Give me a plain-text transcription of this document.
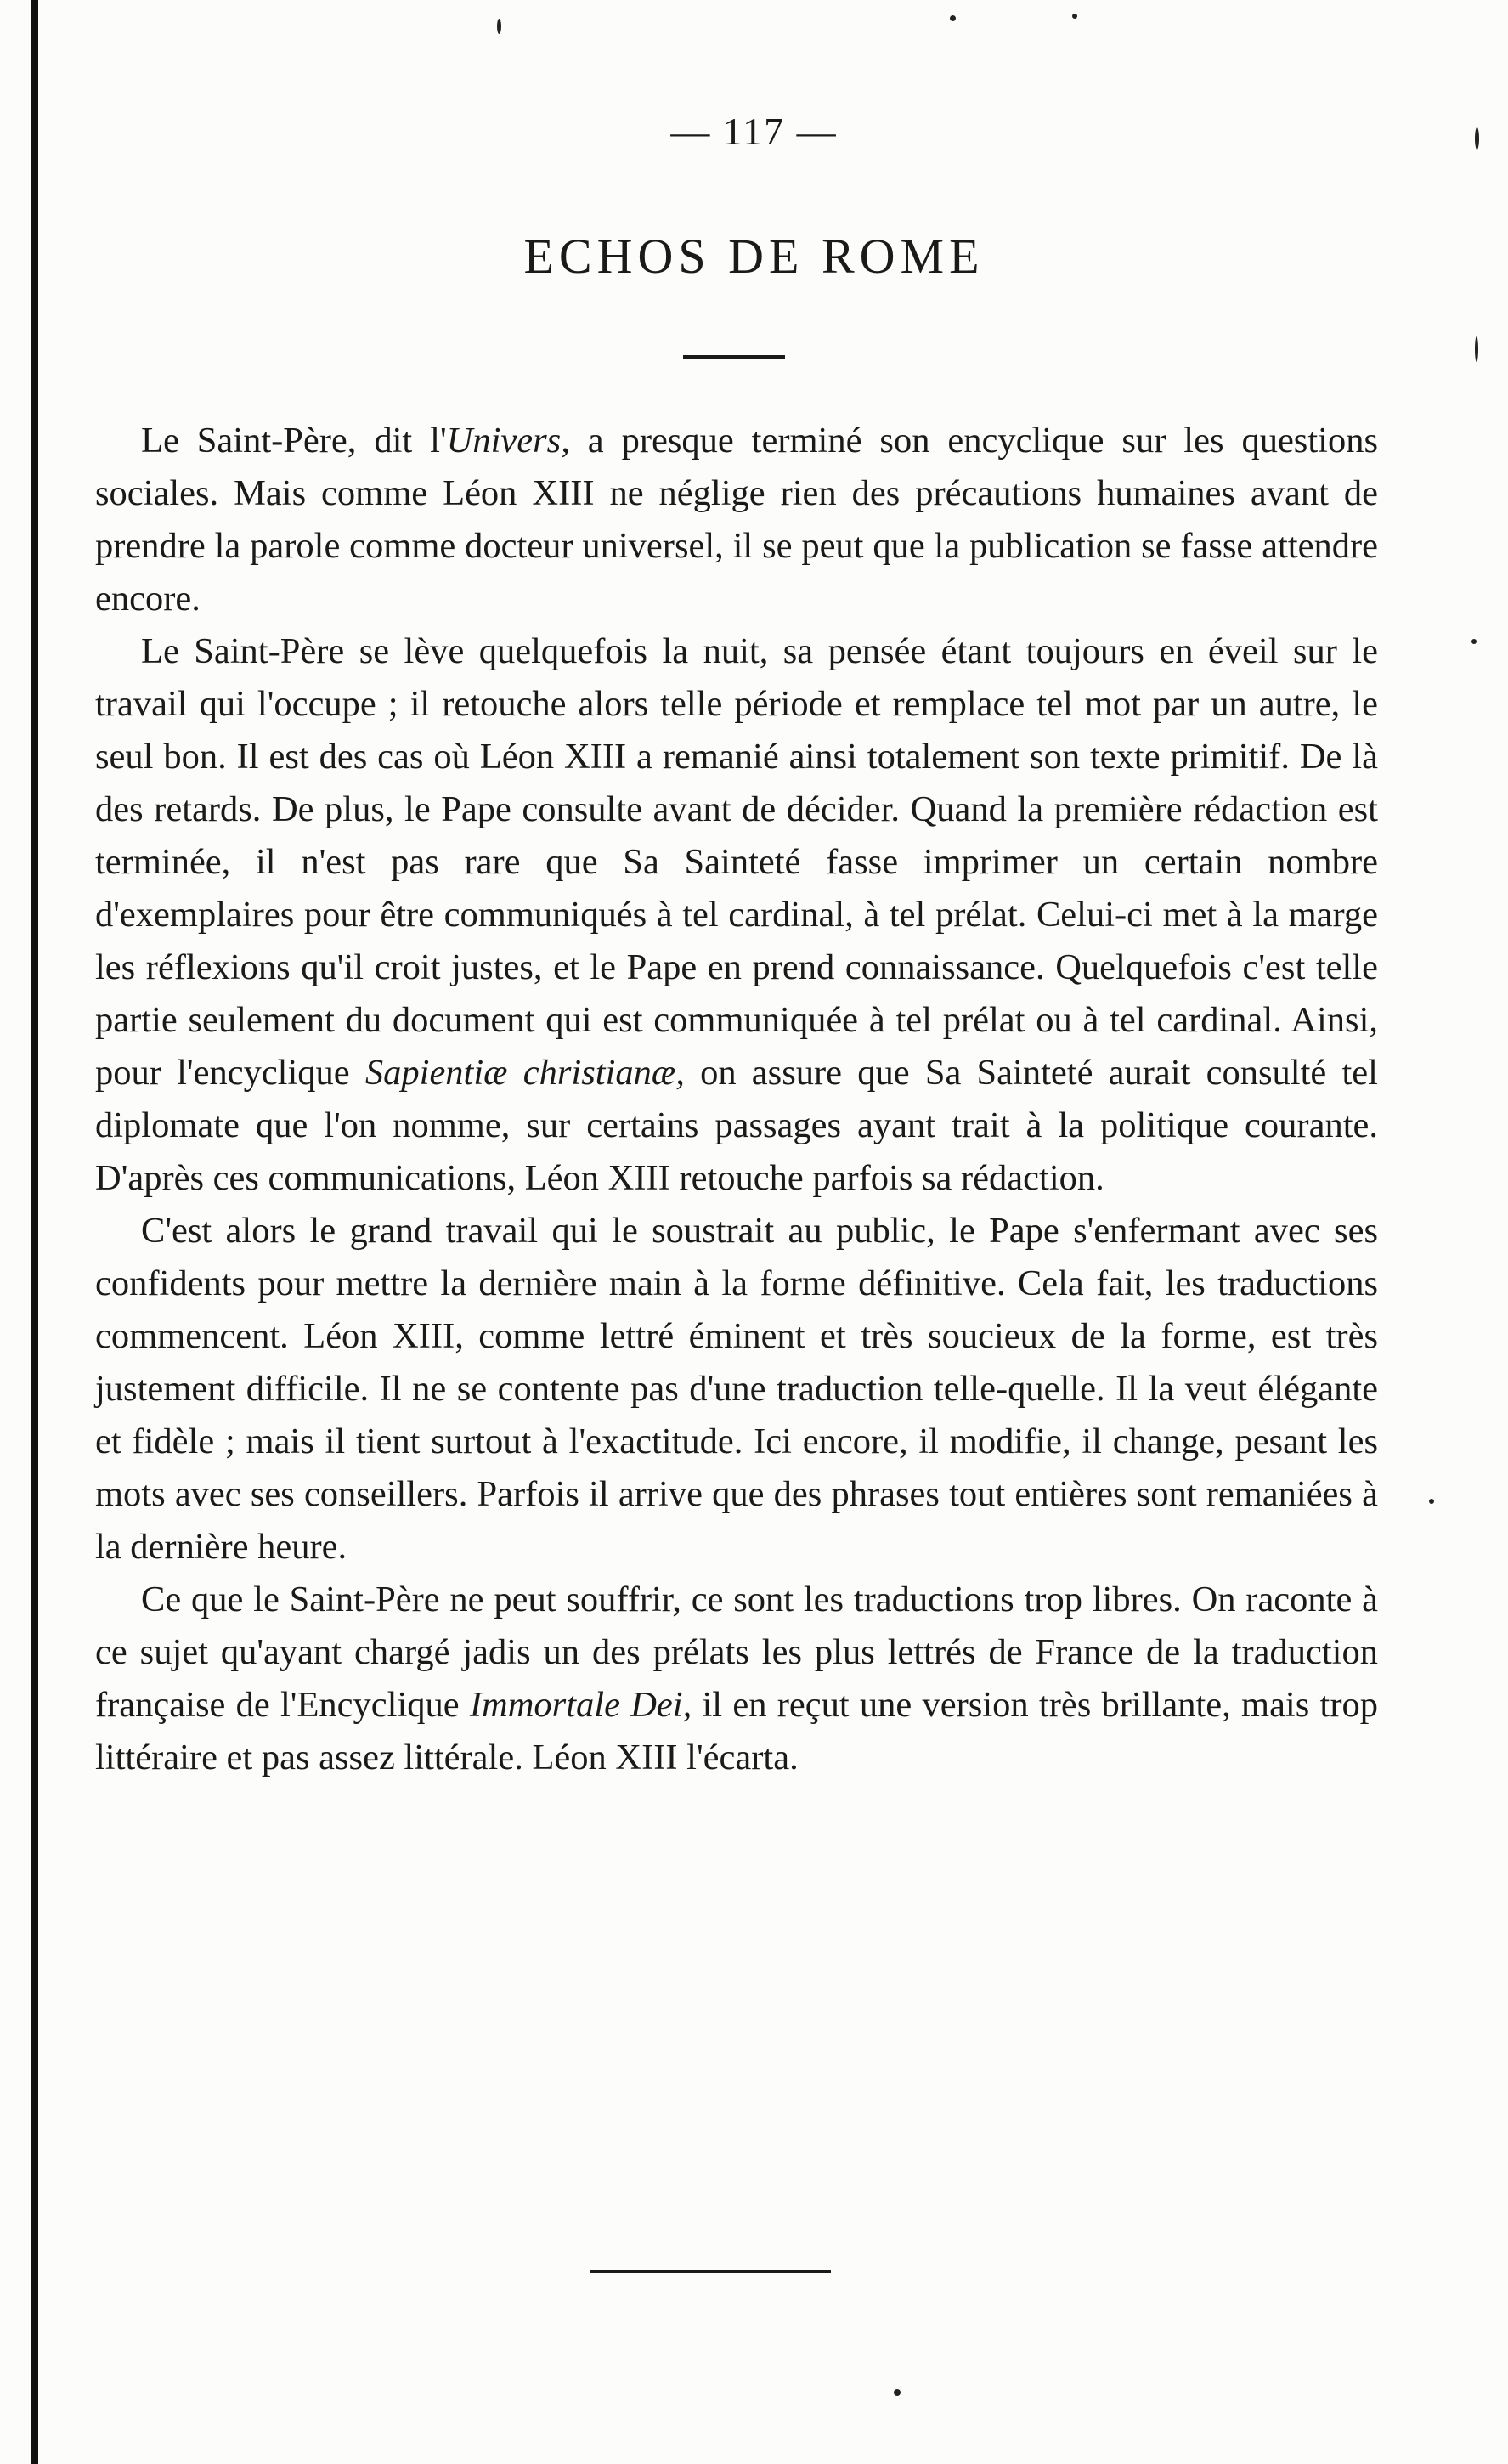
— 117 —
ECHOS DE ROME

Le Saint-Père, dit l'Univers, a presque terminé son encyclique sur les questions sociales. Mais comme Léon XIII ne néglige rien des précautions humaines avant de prendre la parole comme docteur universel, il se peut que la publication se fasse attendre encore.

Le Saint-Père se lève quelquefois la nuit, sa pensée étant toujours en éveil sur le travail qui l'occupe ; il retouche alors telle période et remplace tel mot par un autre, le seul bon. Il est des cas où Léon XIII a remanié ainsi totalement son texte primitif. De là des retards. De plus, le Pape consulte avant de décider. Quand la première rédaction est terminée, il n'est pas rare que Sa Sainteté fasse imprimer un certain nombre d'exemplaires pour être communiqués à tel cardinal, à tel prélat. Celui-ci met à la marge les réflexions qu'il croit justes, et le Pape en prend connaissance. Quelquefois c'est telle partie seulement du document qui est communiquée à tel prélat ou à tel cardinal. Ainsi, pour l'encyclique Sapientiæ christianæ, on assure que Sa Sainteté aurait consulté tel diplomate que l'on nomme, sur certains passages ayant trait à la politique courante. D'après ces communications, Léon XIII retouche parfois sa rédaction.

C'est alors le grand travail qui le soustrait au public, le Pape s'enfermant avec ses confidents pour mettre la dernière main à la forme définitive. Cela fait, les traductions commencent. Léon XIII, comme lettré éminent et très soucieux de la forme, est très justement difficile. Il ne se contente pas d'une traduction telle-quelle. Il la veut élégante et fidèle ; mais il tient surtout à l'exactitude. Ici encore, il modifie, il change, pesant les mots avec ses conseillers. Parfois il arrive que des phrases tout entières sont remaniées à la dernière heure.

Ce que le Saint-Père ne peut souffrir, ce sont les traductions trop libres. On raconte à ce sujet qu'ayant chargé jadis un des prélats les plus lettrés de France de la traduction française de l'Encyclique Immortale Dei, il en reçut une version très brillante, mais trop littéraire et pas assez littérale. Léon XIII l'écarta.
